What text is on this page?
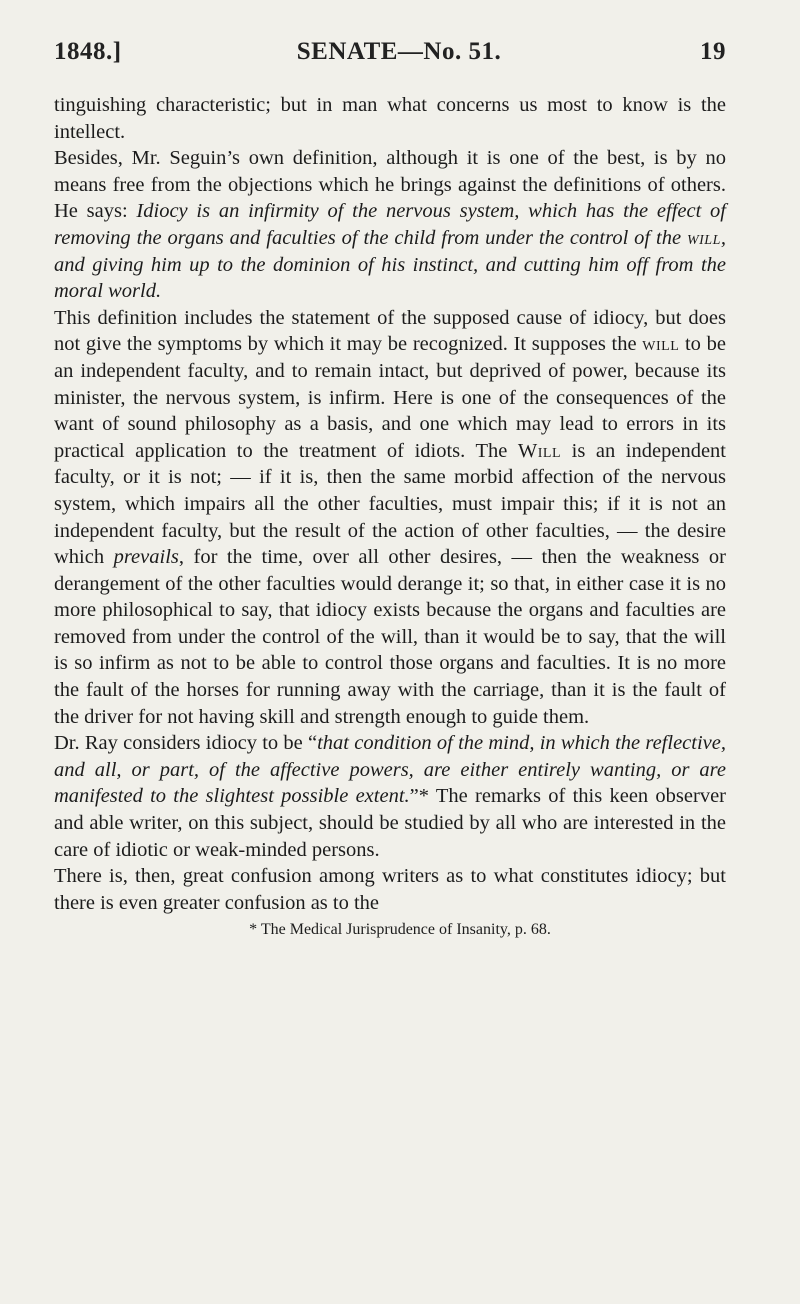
1848.]	SENATE—No. 51.	19

tinguishing characteristic; but in man what concerns us most to know is the intellect.

Besides, Mr. Seguin’s own definition, although it is one of the best, is by no means free from the objections which he brings against the definitions of others. He says: Idiocy is an infirmity of the nervous system, which has the effect of removing the organs and faculties of the child from under the control of the will, and giving him up to the dominion of his instinct, and cutting him off from the moral world.

This definition includes the statement of the supposed cause of idiocy, but does not give the symptoms by which it may be recognized. It supposes the will to be an independent faculty, and to remain intact, but deprived of power, because its minister, the nervous system, is infirm. Here is one of the consequences of the want of sound philosophy as a basis, and one which may lead to errors in its practical application to the treatment of idiots. The Will is an independent faculty, or it is not; — if it is, then the same morbid affection of the nervous system, which impairs all the other faculties, must impair this; if it is not an independent faculty, but the result of the action of other faculties, — the desire which prevails, for the time, over all other desires, — then the weakness or derangement of the other faculties would derange it; so that, in either case it is no more philosophical to say, that idiocy exists because the organs and faculties are removed from under the control of the will, than it would be to say, that the will is so infirm as not to be able to control those organs and faculties. It is no more the fault of the horses for running away with the carriage, than it is the fault of the driver for not having skill and strength enough to guide them.

Dr. Ray considers idiocy to be “that condition of the mind, in which the reflective, and all, or part, of the affective powers, are either entirely wanting, or are manifested to the slightest possible extent.”* The remarks of this keen observer and able writer, on this subject, should be studied by all who are interested in the care of idiotic or weak-minded persons.

There is, then, great confusion among writers as to what constitutes idiocy; but there is even greater confusion as to the

* The Medical Jurisprudence of Insanity, p. 68.
